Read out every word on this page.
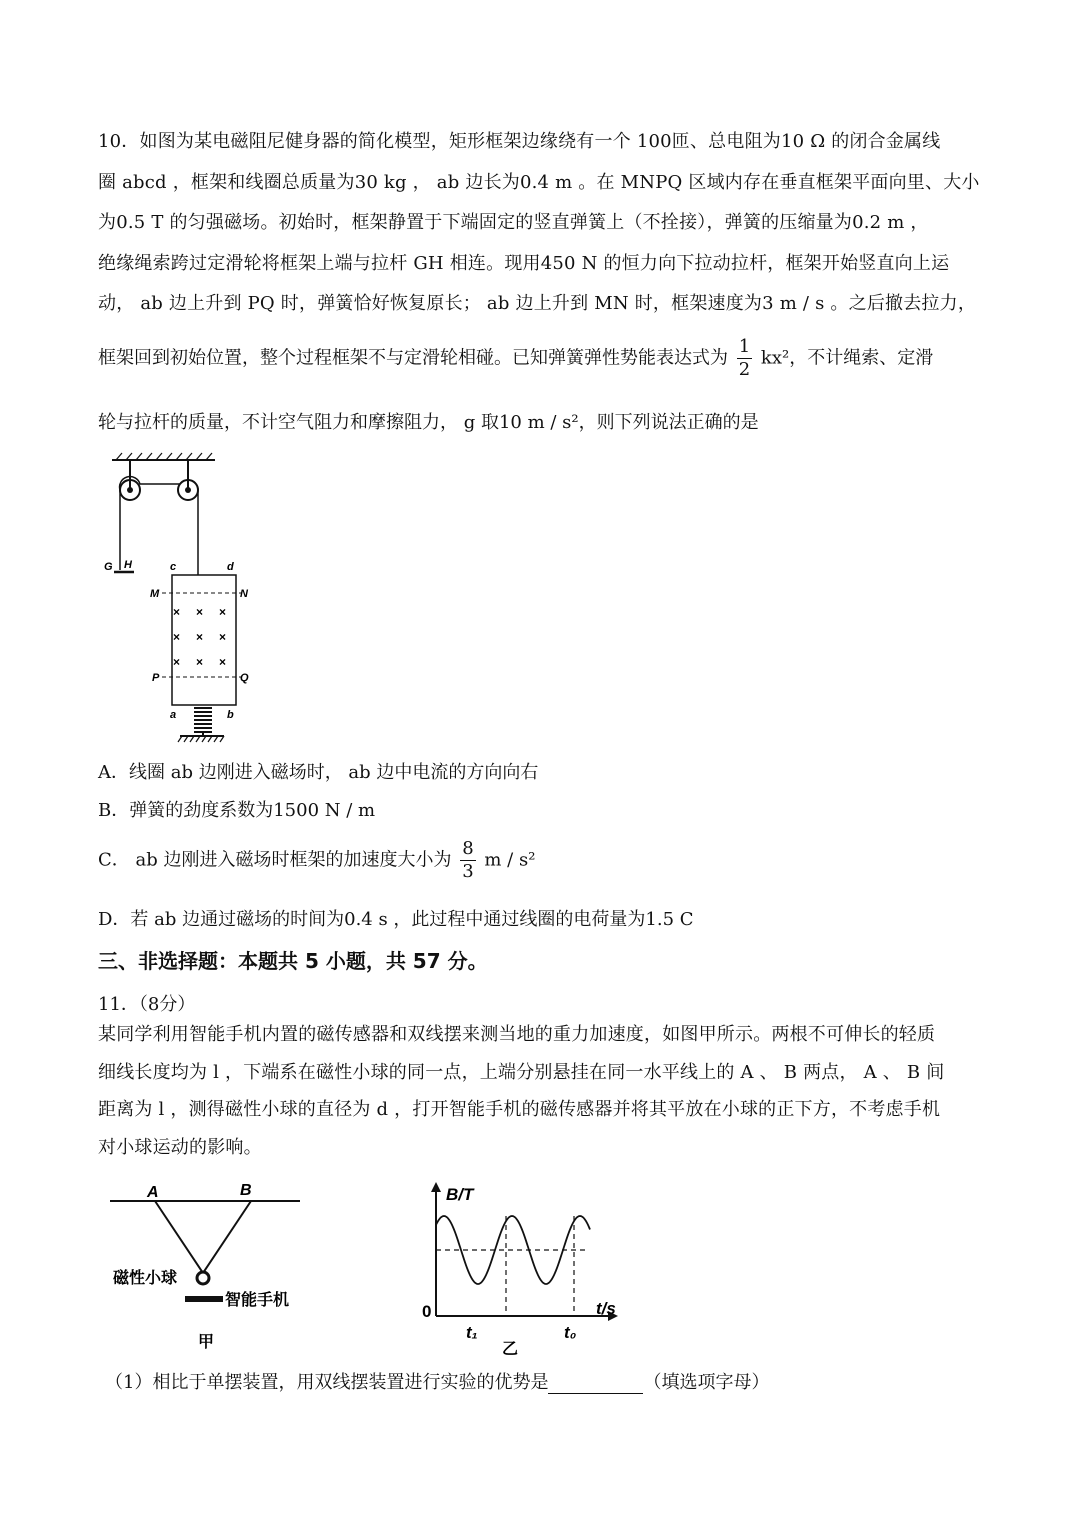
10．如图为某电磁阻尼健身器的简化模型，矩形框架边缘绕有一个 100匝、总电阻为10 Ω 的闭合金属线
圈 abcd ，框架和线圈总质量为30 kg ， ab 边长为0.4 m 。在 MNPQ 区域内存在垂直框架平面向里、大小
为0.5 T 的匀强磁场。初始时，框架静置于下端固定的竖直弹簧上（不拴接），弹簧的压缩量为0.2 m ，
绝缘绳索跨过定滑轮将框架上端与拉杆 GH 相连。现用450 N 的恒力向下拉动拉杆，框架开始竖直向上运
动， ab 边上升到 PQ 时，弹簧恰好恢复原长； ab 边上升到 MN 时，框架速度为3 m / s 。之后撤去拉力，
框架回到初始位置，整个过程框架不与定滑轮相碰。已知弹簧弹性势能表达式为 $\frac{1}{2} kx^2$，不计绳索、定滑
轮与拉杆的质量，不计空气阻力和摩擦阻力， g 取10 m / s²，则下列说法正确的是
G H	c	d
M	N
P	Q
× × ×
× × ×
× × ×
a	b
A．线圈 ab 边刚进入磁场时， ab 边中电流的方向向右
B．弹簧的劲度系数为1500 N / m
C． ab 边刚进入磁场时框架的加速度大小为 $\frac{8}{3}$ m / s²
D．若 ab 边通过磁场的时间为0.4 s ，此过程中通过线圈的电荷量为1.5 C
三、非选择题：本题共 5 小题，共 57 分。
11．（8分）
某同学利用智能手机内置的磁传感器和双线摆来测当地的重力加速度，如图甲所示。两根不可伸长的轻质
细线长度均为 l ，下端系在磁性小球的同一点，上端分别悬挂在同一水平线上的 A 、 B 两点， A 、 B 间
距离为 l ，测得磁性小球的直径为 d ，打开智能手机的磁传感器并将其平放在小球的正下方，不考虑手机
对小球运动的影响。
A	B
磁性小球
智能手机
甲
B/T
t/s
0
t₁	t₀
乙
（1）相比于单摆装置，用双线摆装置进行实验的优势是	（填选项字母）
